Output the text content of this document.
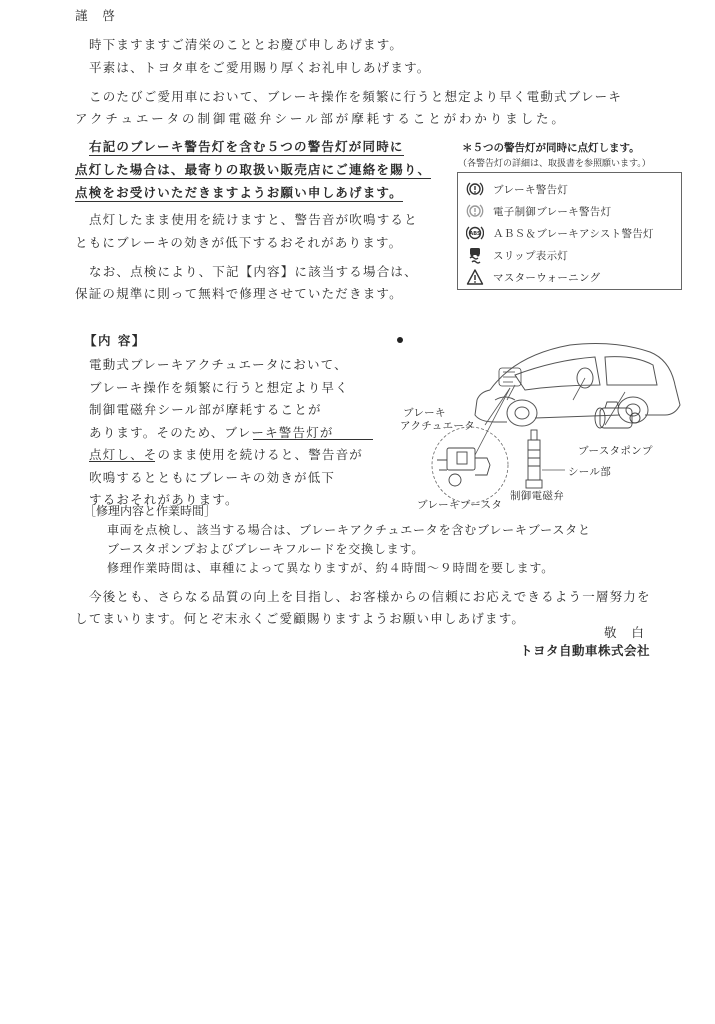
謹　啓
時下ますますご清栄のこととお慶び申しあげます。
平素は、トヨタ車をご愛用賜り厚くお礼申しあげます。
このたびご愛用車において、ブレーキ操作を頻繁に行うと想定より早く電動式ブレーキ
アクチュエータの制御電磁弁シール部が摩耗することがわかりました。
右記のブレーキ警告灯を含む５つの警告灯が同時に
点灯した場合は、最寄りの取扱い販売店にご連絡を賜り、
点検をお受けいただきますようお願い申しあげます。
点灯したまま使用を続けますと、警告音が吹鳴すると
ともにブレーキの効きが低下するおそれがあります。
なお、点検により、下記【内容】に該当する場合は、
保証の規準に則って無料で修理させていただきます。
＊５つの警告灯が同時に点灯します。
（各警告灯の詳細は、取扱書を参照願います。）
ブレーキ警告灯
電子制御ブレーキ警告灯
ABS ＡＢＳ＆ブレーキアシスト警告灯
スリップ表示灯
マスターウォーニング
【内 容】
電動式ブレーキアクチュエータにおいて、
ブレーキ操作を頻繁に行うと想定より早く
制御電磁弁シール部が摩耗することが
あります。そのため、ブレーキ警告灯が
点灯し、そのまま使用を続けると、警告音が
吹鳴するとともにブレーキの効きが低下
するおそれがあります。
［修理内容と作業時間］
車両を点検し、該当する場合は、ブレーキアクチュエータを含むブレーキブースタと
ブースタポンプおよびブレーキフルードを交換します。
修理作業時間は、車種によって異なりますが、約４時間～９時間を要します。
ブレーキ
アクチュエータ
ブースタポンプ
シール部
ブレーキブースタ
制御電磁弁
今後とも、さらなる品質の向上を目指し、お客様からの信頼にお応えできるよう一層努力を
してまいります。何とぞ末永くご愛顧賜りますようお願い申しあげます。
敬　白
トヨタ自動車株式会社
